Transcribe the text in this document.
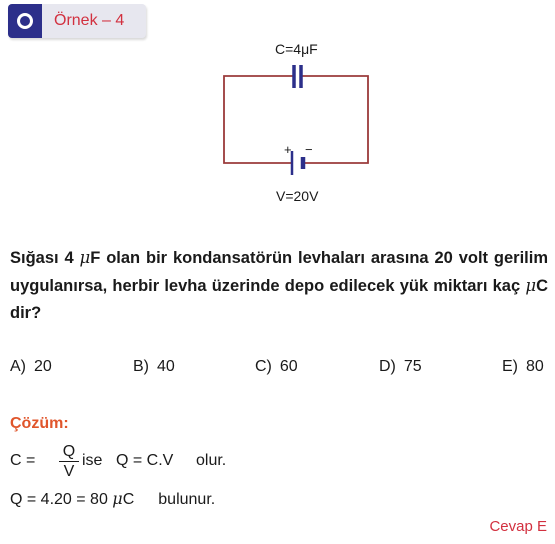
Örnek – 4
C=4μF
+ −
V=20V
Sığası 4 μF olan bir kondansatörün levhaları arasına 20 volt gerilim uygulanırsa, herbir levha üzerinde depo edilecek yük miktarı kaç μC dir?
A) 20	B) 40	C) 60	D) 75	E) 80
Çözüm:
C =
Q
V
ise Q = C.V olur.
Q = 4.20 = 80 μC bulunur.
Cevap E
